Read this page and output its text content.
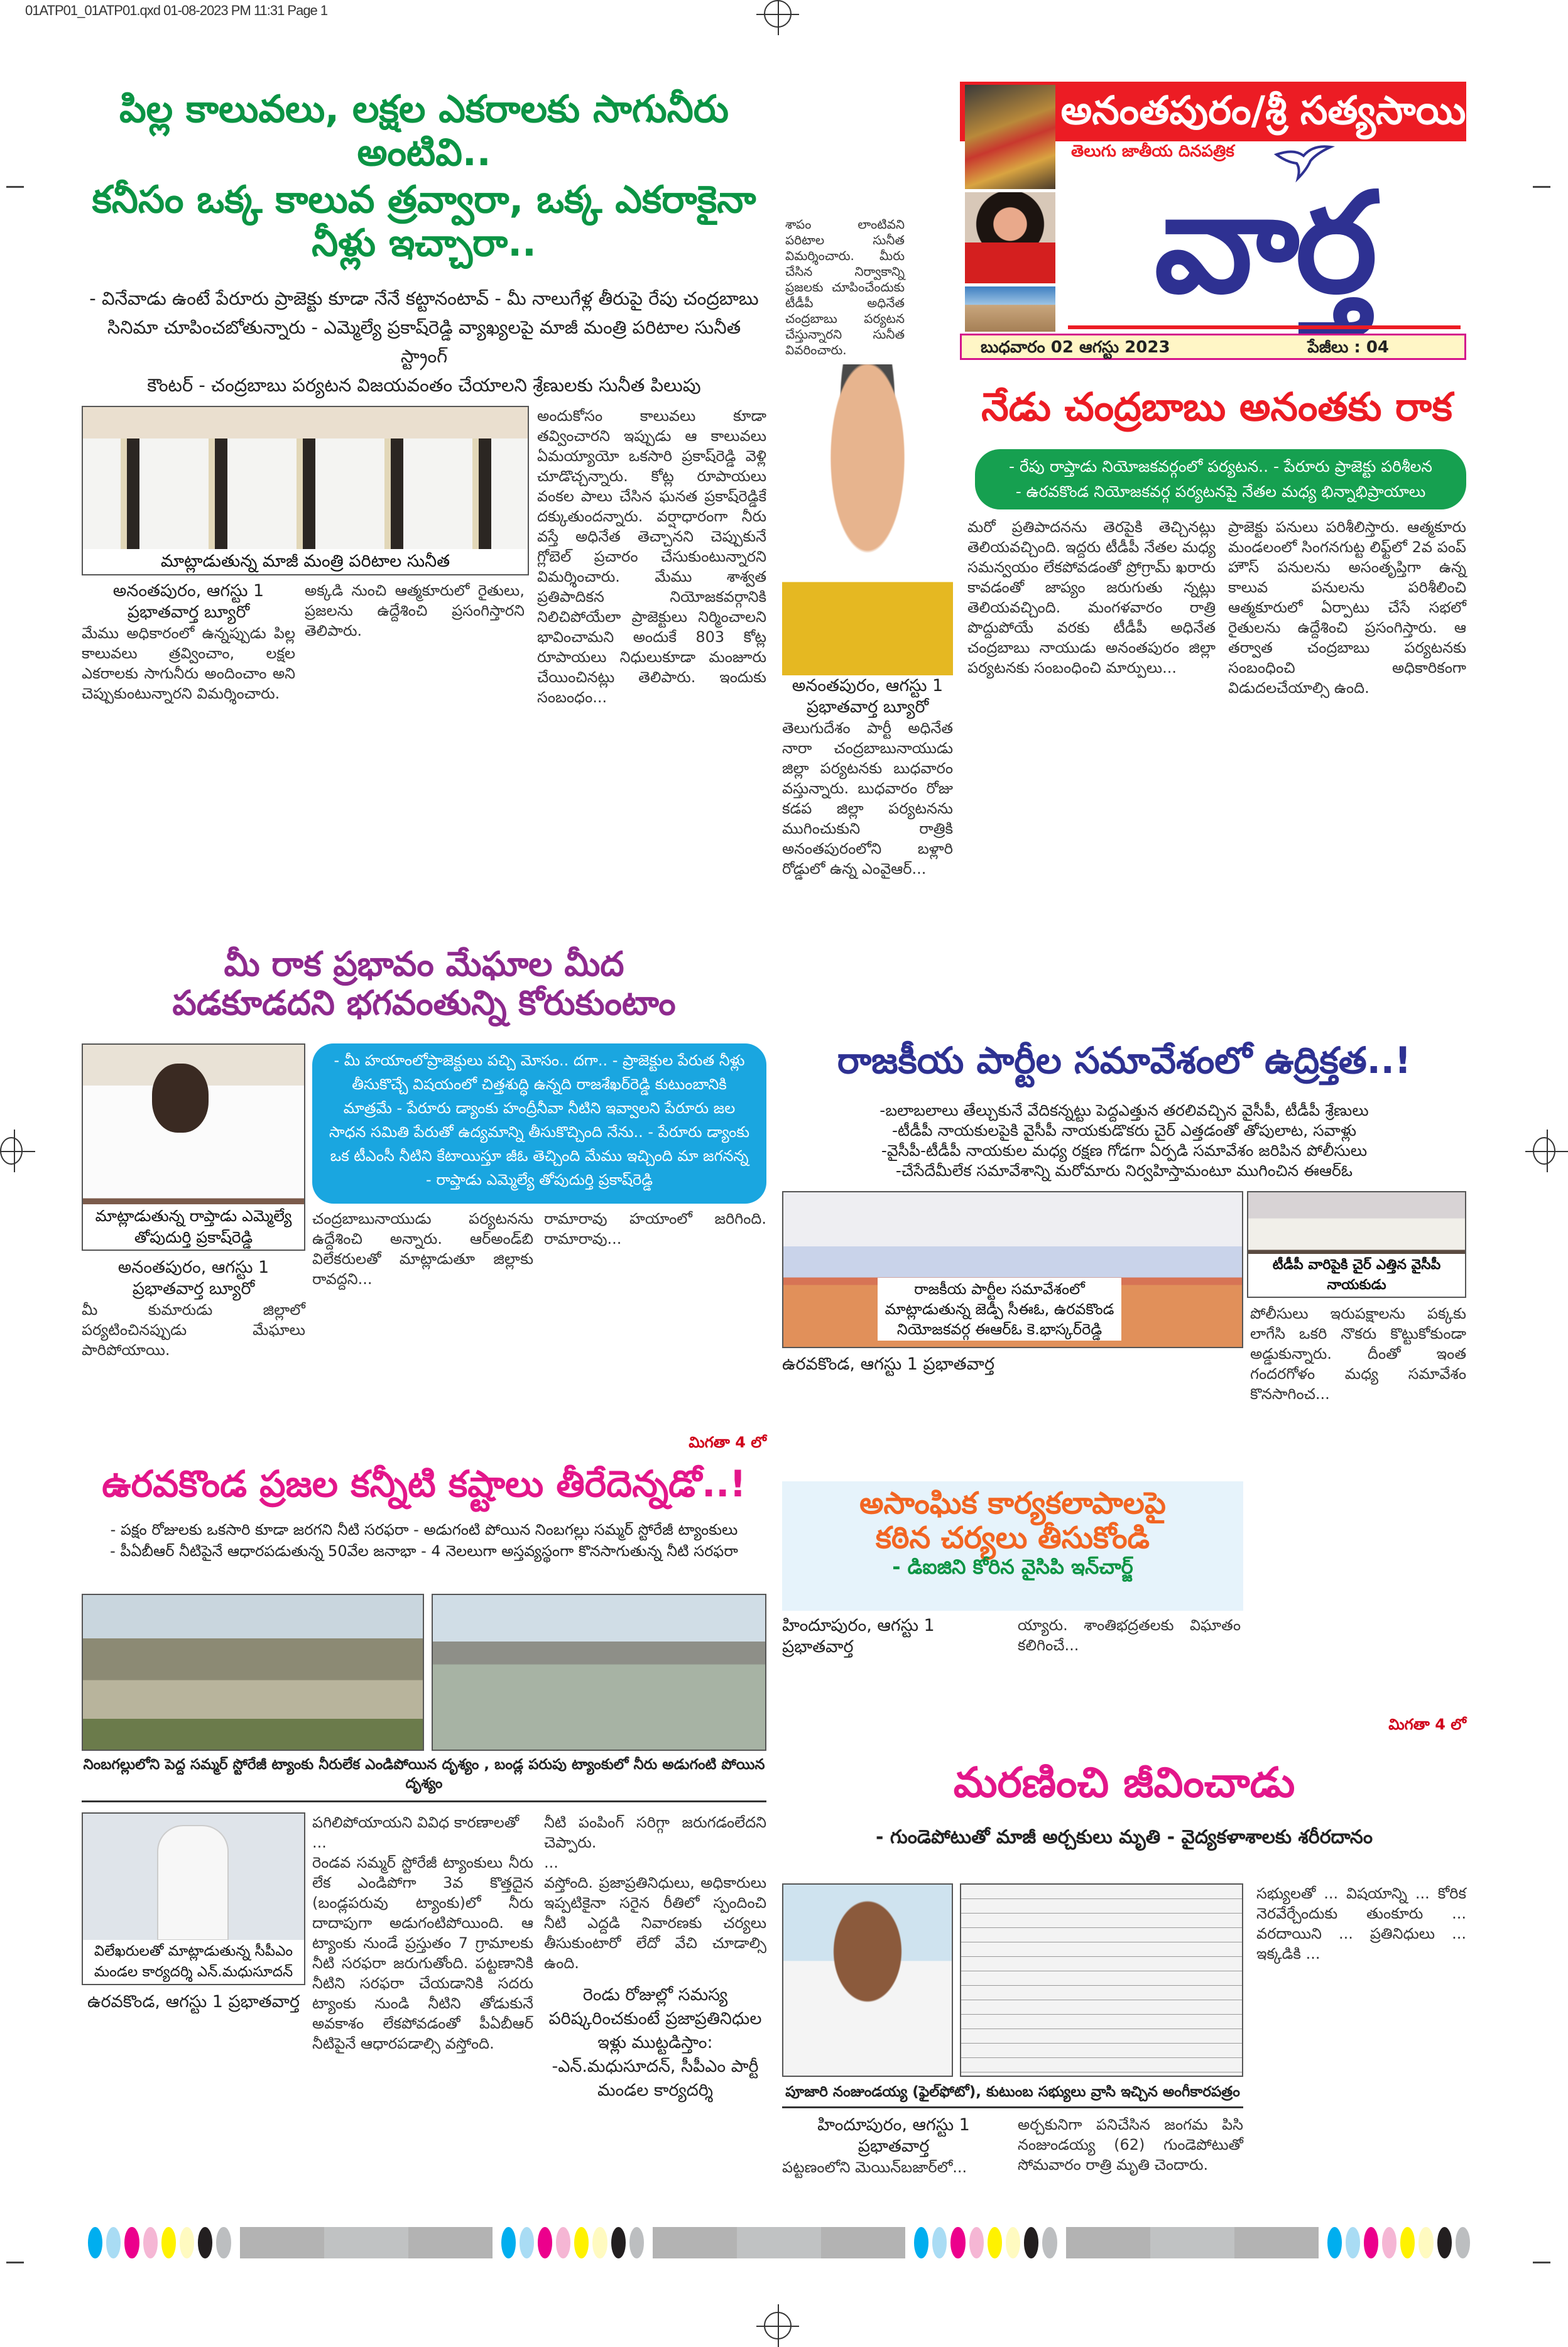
01ATP01_01ATP01.qxd 01-08-2023 PM 11:31 Page 1
శాపం లాంటివని పరిటాల సునీత విమర్శించారు. మీరు చేసిన నిర్వాకాన్ని ప్రజలకు చూపించేందుకు టీడీపీ అధినేత చంద్రబాబు పర్యటన చేస్తున్నారని సునీత వివరించారు.
అనంతపురం/శ్రీ సత్యసాయి
తెలుగు జాతీయ దినపత్రిక
వార్త
బుధవారం 02 ఆగస్టు 2023	పేజీలు : 04
పిల్ల కాలువలు, లక్షల ఎకరాలకు సాగునీరు అంటివి..
కనీసం ఒక్క కాలువ త్రవ్వారా, ఒక్క ఎకరాకైనా నీళ్లు ఇచ్చారా..
- వినేవాడు ఉంటే పేరూరు ప్రాజెక్టు కూడా నేనే కట్టానంటావ్ - మీ నాలుగేళ్ల తీరుపై రేపు చంద్రబాబు
సినిమా చూపించబోతున్నారు - ఎమ్మెల్యే ప్రకాష్‌రెడ్డి వ్యాఖ్యలపై మాజీ మంత్రి పరిటాల సునీత స్ట్రాంగ్
కౌంటర్ - చంద్రబాబు పర్యటన విజయవంతం చేయాలని శ్రేణులకు సునీత పిలుపు
మాట్లాడుతున్న మాజీ మంత్రి పరిటాల సునీత
అనంతపురం, ఆగస్టు 1 ప్రభాతవార్త బ్యూరో
మేము అధికారంలో ఉన్నప్పుడు పిల్ల కాలువలు త్రవ్వించాం, లక్షల ఎకరాలకు సాగునీరు అందించాం అని చెప్పుకుంటున్నారని విమర్శించారు.
అక్కడి నుంచి ఆత్మకూరులో రైతులు, ప్రజలను ఉద్దేశించి ప్రసంగిస్తారని తెలిపారు.
అందుకోసం కాలువలు కూడా తవ్వించారని ఇప్పుడు ఆ కాలువలు ఏమయ్యాయో ఒకసారి ప్రకాష్‌రెడ్డి వెళ్లి చూడొచ్చన్నారు. కోట్ల రూపాయలు వంకల పాలు చేసిన ఘనత ప్రకాష్‌రెడ్డికే దక్కుతుందన్నారు. వర్షాధారంగా నీరు వస్తే అధినేత తెచ్చానని చెప్పుకునే గ్లోబెల్ ప్రచారం చేసుకుంటున్నారని విమర్శించారు. మేము శాశ్వత ప్రతిపాదికన నియోజకవర్గానికి నిలిచిపోయేలా ప్రాజెక్టులు నిర్మించాలని భావించామని అందుకే 803 కోట్ల రూపాయలు నిధులుకూడా మంజూరు చేయించినట్లు తెలిపారు. ఇందుకు సంబంధం...
మీ రాక ప్రభావం మేఘాల మీద
పడకూడదని భగవంతున్ని కోరుకుంటాం
మాట్లాడుతున్న రాప్తాడు ఎమ్మెల్యే తోపుదుర్తి ప్రకాష్‌రెడ్డి
అనంతపురం, ఆగస్టు 1 ప్రభాతవార్త బ్యూరో
మీ కుమారుడు జిల్లాలో పర్యటించినప్పుడు మేఘాలు పారిపోయాయి.
- మీ హయాంలోప్రాజెక్టులు పచ్చి మోసం.. దగా.. - ప్రాజెక్టుల పేరుత నీళ్లు తీసుకొచ్చే విషయంలో చిత్తశుద్ధి ఉన్నది రాజశేఖర్‌రెడ్డి కుటుంబానికి మాత్రమే - పేరూరు డ్యాంకు హంద్రీనీవా నీటిని ఇవ్వాలని పేరూరు జల సాధన సమితి పేరుతో ఉద్యమాన్ని తీసుకొచ్చింది నేను.. - పేరూరు డ్యాంకు ఒక టీఎంసీ నీటిని కేటాయిస్తూ జీఓ తెచ్చింది మేము ఇచ్చింది మా జగనన్న
- రాప్తాడు ఎమ్మెల్యే తోపుదుర్తి ప్రకాష్‌రెడ్డి
చంద్రబాబునాయుడు పర్యటనను ఉద్దేశించి అన్నారు. ఆర్‌అండ్‌బి విలేకరులతో మాట్లాడుతూ జిల్లాకు రావద్దని...
రామారావు హయాంలో జరిగింది. రామారావు...
మిగతా 4 లో
ఉరవకొండ ప్రజల కన్నీటి కష్టాలు తీరేదెన్నడో..!
- పక్షం రోజులకు ఒకసారి కూడా జరగని నీటి సరఫరా - అడుగంటి పోయిన నింబగల్లు సమ్మర్ స్టోరేజీ ట్యాంకులు
- పీఏబీఆర్ నీటిపైనే ఆధారపడుతున్న 50వేల జనాభా - 4 నెలలుగా అస్తవ్యస్థంగా కొనసాగుతున్న నీటి సరఫరా
నింబగల్లులోని పెద్ద సమ్మర్ స్టోరేజీ ట్యాంకు నీరులేక ఎండిపోయిన దృశ్యం , బండ్ల పరుపు ట్యాంకులో నీరు అడుగంటి పోయిన దృశ్యం
విలేఖరులతో మాట్లాడుతున్న సీపీఎం మండల కార్యదర్శి ఎన్.మధుసూదన్
ఉరవకొండ, ఆగస్టు 1 ప్రభాతవార్త
పగిలిపోయాయని వివిధ కారణాలతో
...
రెండవ సమ్మర్ స్టోరేజీ ట్యాంకులు నీరు లేక ఎండిపోగా 3వ కొత్తదైన (బండ్లపరువు ట్యాంకు)లో నీరు దాదాపుగా అడుగంటిపోయింది. ఆ ట్యాంకు నుండే ప్రస్తుతం 7 గ్రామాలకు నీటి సరఫరా జరుగుతోంది. పట్టణానికి నీటిని సరఫరా చేయడానికి సదరు ట్యాంకు నుండి నీటిని తోడుకునే అవకాశం లేకపోవడంతో పీఏబీఆర్ నీటిపైనే ఆధారపడాల్సి వస్తోంది.
నీటి పంపింగ్ సరిగ్గా జరుగడంలేదని చెప్పారు.
...
వస్తోంది. ప్రజాప్రతినిధులు, అధికారులు ఇప్పటికైనా సరైన రీతిలో స్పందించి నీటి ఎద్దడి నివారణకు చర్యలు తీసుకుంటారో లేదో వేచి చూడాల్సి ఉంది.
రెండు రోజుల్లో సమస్య పరిష్కరించకుంటే ప్రజాప్రతినిధుల ఇళ్లు ముట్టడిస్తాం: -ఎన్.మధుసూదన్, సీపీఎం పార్టీ మండల కార్యదర్శి
అనంతపురం, ఆగస్టు 1 ప్రభాతవార్త బ్యూరో
తెలుగుదేశం పార్టీ అధినేత నారా చంద్రబాబునాయుడు జిల్లా పర్యటనకు బుధవారం వస్తున్నారు. బుధవారం రోజు కడప జిల్లా పర్యటనను ముగించుకుని రాత్రికి అనంతపురంలోని బళ్లారి రోడ్డులో ఉన్న ఎంవైఆర్...
నేడు చంద్రబాబు అనంతకు రాక
- రేపు రాప్తాడు నియోజకవర్గంలో పర్యటన.. - పేరూరు ప్రాజెక్టు పరిశీలన
- ఉరవకొండ నియోజకవర్గ పర్యటనపై నేతల మధ్య భిన్నాభిప్రాయాలు
మరో ప్రతిపాదనను తెరపైకి తెచ్చినట్లు తెలియవచ్చింది. ఇద్దరు టీడీపీ నేతల మధ్య సమన్వయం లేకపోవడంతో ప్రోగ్రామ్ ఖరారు కావడంతో జాప్యం జరుగుతు న్నట్లు తెలియవచ్చింది. మంగళవారం రాత్రి పొద్దుపోయే వరకు టీడీపీ అధినేత చంద్రబాబు నాయుడు అనంతపురం జిల్లా పర్యటనకు సంబంధించి మార్పులు...
ప్రాజెక్టు పనులు పరిశీలిస్తారు. ఆత్మకూరు మండలంలో సింగనగుట్ట లిఫ్ట్‌లో 2వ పంప్ హౌస్ పనులను అసంతృప్తిగా ఉన్న కాలువ పనులను పరిశీలించి ఆత్మకూరులో ఏర్పాటు చేసే సభలో రైతులను ఉద్దేశించి ప్రసంగిస్తారు. ఆ తర్వాత చంద్రబాబు పర్యటనకు సంబంధించి అధికారికంగా విడుదలచేయాల్సి ఉంది.
రాజకీయ పార్టీల సమావేశంలో ఉద్రిక్తత..!
-బలాబలాలు తేల్చుకునే వేదికన్నట్టు పెద్దఎత్తున తరలివచ్చిన వైసీపీ, టీడీపీ శ్రేణులు
-టీడీపీ నాయకులపైకి వైసీపీ నాయకుడొకరు చైర్ ఎత్తడంతో తోపులాట, సవాళ్లు
-వైసీపీ-టీడీపీ నాయకుల మధ్య రక్షణ గోడగా ఏర్పడి సమావేశం జరిపిన పోలీసులు
-చేసేదేమీలేక సమావేశాన్ని మరోమారు నిర్వహిస్తామంటూ ముగించిన ఈఆర్‌ఓ
రాజకీయ పార్టీల సమావేశంలో మాట్లాడుతున్న జెడ్పీ సీఈఓ, ఉరవకొండ నియోజకవర్గ ఈఆర్‌ఓ కె.భాస్కర్‌రెడ్డి
ఉరవకొండ, ఆగస్టు 1 ప్రభాతవార్త
అసాంఘిక కార్యకలాపాలపై
కఠిన చర్యలు తీసుకోండి
- డిఐజిని కోరిన వైసిపి ఇన్‌చార్జ్
హిందూపురం, ఆగస్టు 1 ప్రభాతవార్త
య్యారు. శాంతిభద్రతలకు విఘాతం కలిగించే...
టీడీపీ వారిపైకి చైర్ ఎత్తిన వైసీపీ నాయకుడు
పోలీసులు ఇరుపక్షాలను పక్కకు లాగేసి ఒకరి నొకరు కొట్టుకోకుండా అడ్డుకున్నారు. దీంతో ఇంత గందరగోళం మధ్య సమావేశం కొనసాగించ...
మిగతా 4 లో
మరణించి జీవించాడు
- గుండెపోటుతో మాజీ అర్చకులు మృతి - వైద్యకళాశాలకు శరీరదానం
పూజారి నంజుండయ్య (ఫైల్‌ఫోటో), కుటుంబ సభ్యులు వ్రాసి ఇచ్చిన అంగీకారపత్రం
హిందూపురం, ఆగస్టు 1 ప్రభాతవార్త
పట్టణంలోని మెయిన్‌బజార్‌లో...
అర్చకునిగా పనిచేసిన జంగమ పిసి నంజుండయ్య (62) గుండెపోటుతో సోమవారం రాత్రి మృతి చెందారు.
సభ్యులతో ... విషయాన్ని ... కోరిక నెరవేర్చేందుకు తుంకూరు ... వరదాయిని ... ప్రతినిధులు ... ఇక్కడికి ...
